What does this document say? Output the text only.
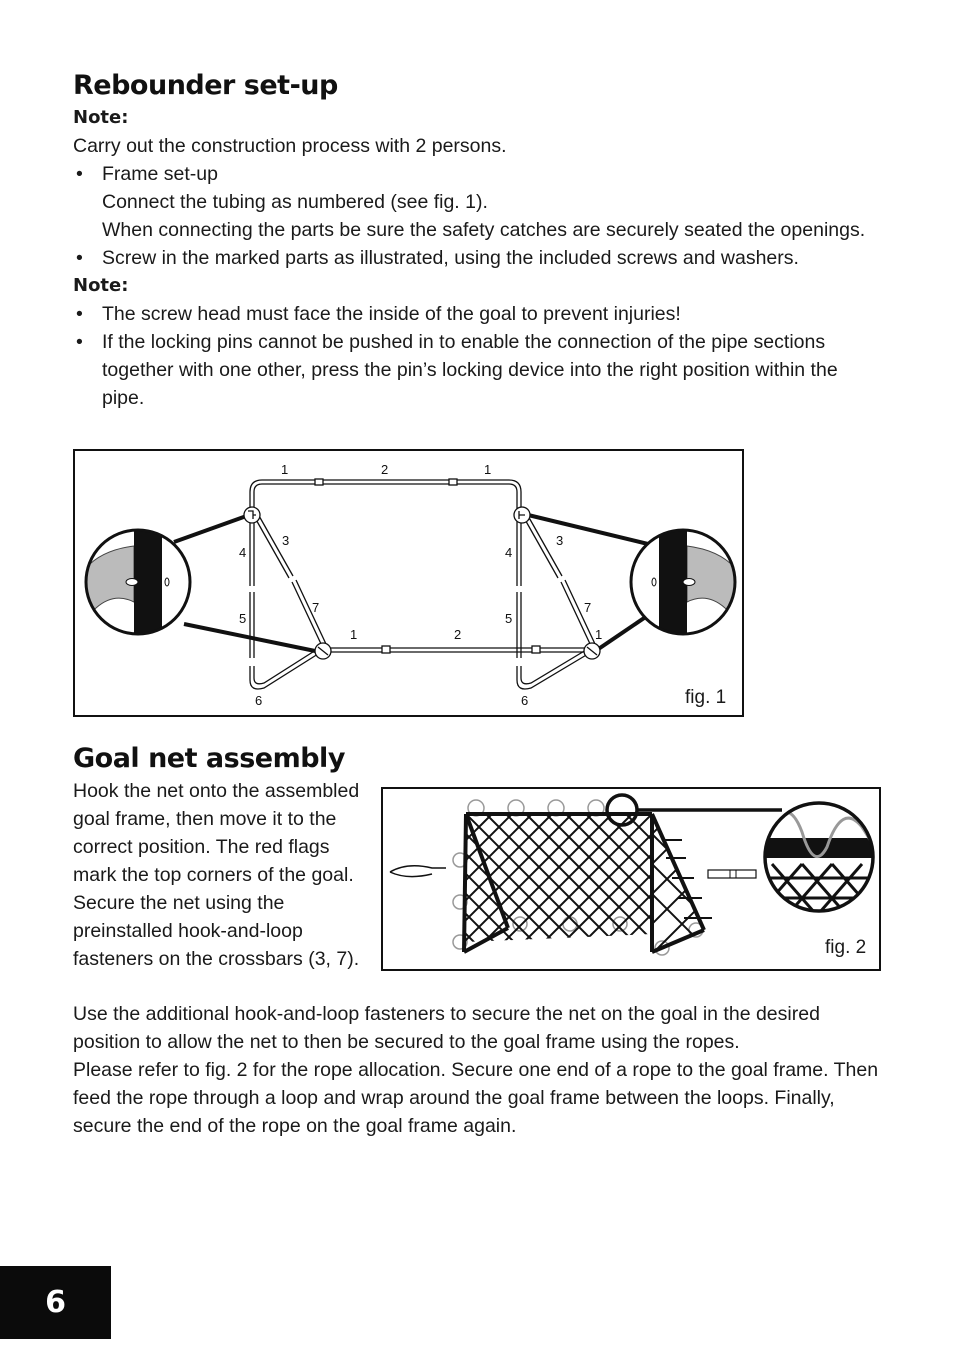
Rebounder set-up

Note:

Carry out the construction process with 2 persons.

• Frame set-up
Connect the tubing as numbered (see fig. 1).
When connecting the parts be sure the safety catches are securely seated the openings.
• Screw in the marked parts as illustrated, using the included screws and washers.

Note:

• The screw head must face the inside of the goal to prevent injuries!
• If the locking pins cannot be pushed in to enable the connection of the pipe sections together with one other, press the pin’s locking device into the right position within the pipe.
1	2	1
3
4
5
7
6
3
4
5
7
6
1	2	1
fig. 1
Goal net assembly

Hook the net onto the assembled goal frame, then move it to the correct position. The red flags mark the top corners of the goal. Secure the net using the preinstalled hook-and-loop fasteners on the crossbars (3, 7).

fig. 2

Use the additional hook-and-loop fasteners to secure the net on the goal in the desired position to allow the net to then be secured to the goal frame using the ropes.

Please refer to fig. 2 for the rope allocation. Secure one end of a rope to the goal frame. Then feed the rope through a loop and wrap around the goal frame between the loops. Finally, secure the end of the rope on the goal frame again.

6
